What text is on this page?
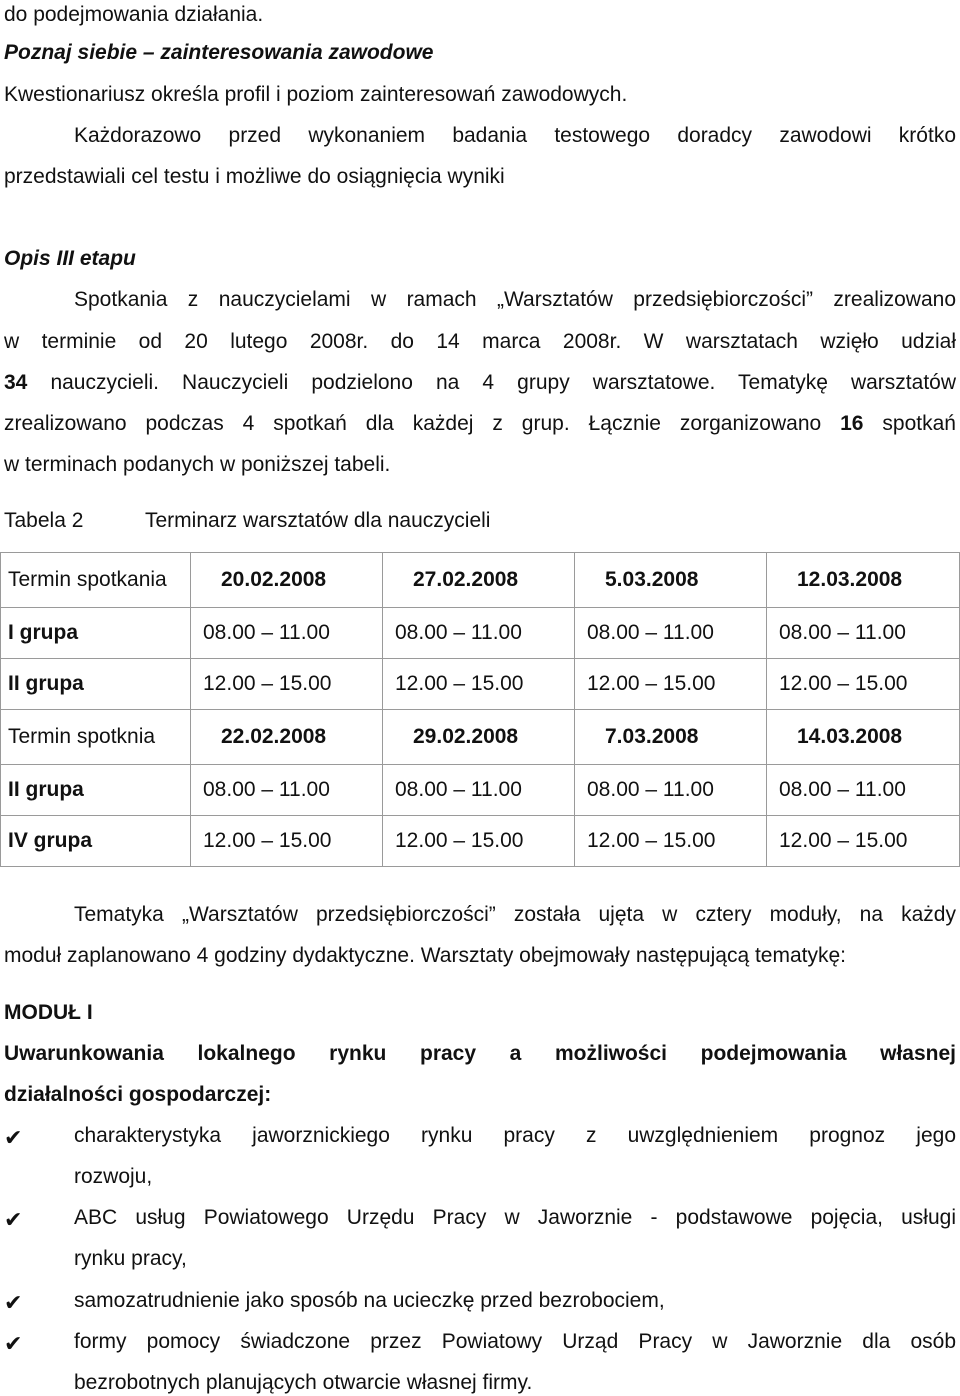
do podejmowania działania.
Poznaj siebie – zainteresowania zawodowe
Kwestionariusz określa profil i poziom zainteresowań zawodowych.
Każdorazowo przed wykonaniem badania testowego doradcy zawodowi krótko
przedstawiali cel testu i możliwe do osiągnięcia wyniki
Opis III etapu
Spotkania z nauczycielami w ramach „Warsztatów przedsiębiorczości” zrealizowano
w terminie od 20 lutego 2008r. do 14 marca 2008r. W warsztatach wzięło udział
34 nauczycieli. Nauczycieli podzielono na 4 grupy warsztatowe. Tematykę warsztatów
zrealizowano podczas 4 spotkań dla każdej z grup. Łącznie zorganizowano 16 spotkań
w terminach podanych w poniższej tabeli.
Tabela 2	Terminarz warsztatów dla nauczycieli
Termin spotkania	20.02.2008	27.02.2008	5.03.2008	12.03.2008
I grupa	08.00 – 11.00	08.00 – 11.00	08.00 – 11.00	08.00 – 11.00
II grupa	12.00 – 15.00	12.00 – 15.00	12.00 – 15.00	12.00 – 15.00
Termin spotknia	22.02.2008	29.02.2008	7.03.2008	14.03.2008
II grupa	08.00 – 11.00	08.00 – 11.00	08.00 – 11.00	08.00 – 11.00
IV grupa	12.00 – 15.00	12.00 – 15.00	12.00 – 15.00	12.00 – 15.00
Tematyka „Warsztatów przedsiębiorczości” została ujęta w cztery moduły, na każdy
moduł zaplanowano 4 godziny dydaktyczne. Warsztaty obejmowały następującą tematykę:
MODUŁ I
Uwarunkowania lokalnego rynku pracy a możliwości podejmowania własnej
działalności gospodarczej:
✔	charakterystyka jaworznickiego rynku pracy z uwzględnieniem prognoz jego
rozwoju,
✔	ABC usług Powiatowego Urzędu Pracy w Jaworznie - podstawowe pojęcia, usługi
rynku pracy,
✔	samozatrudnienie jako sposób na ucieczkę przed bezrobociem,
✔	formy pomocy świadczone przez Powiatowy Urząd Pracy w Jaworznie dla osób
bezrobotnych planujących otwarcie własnej firmy.
